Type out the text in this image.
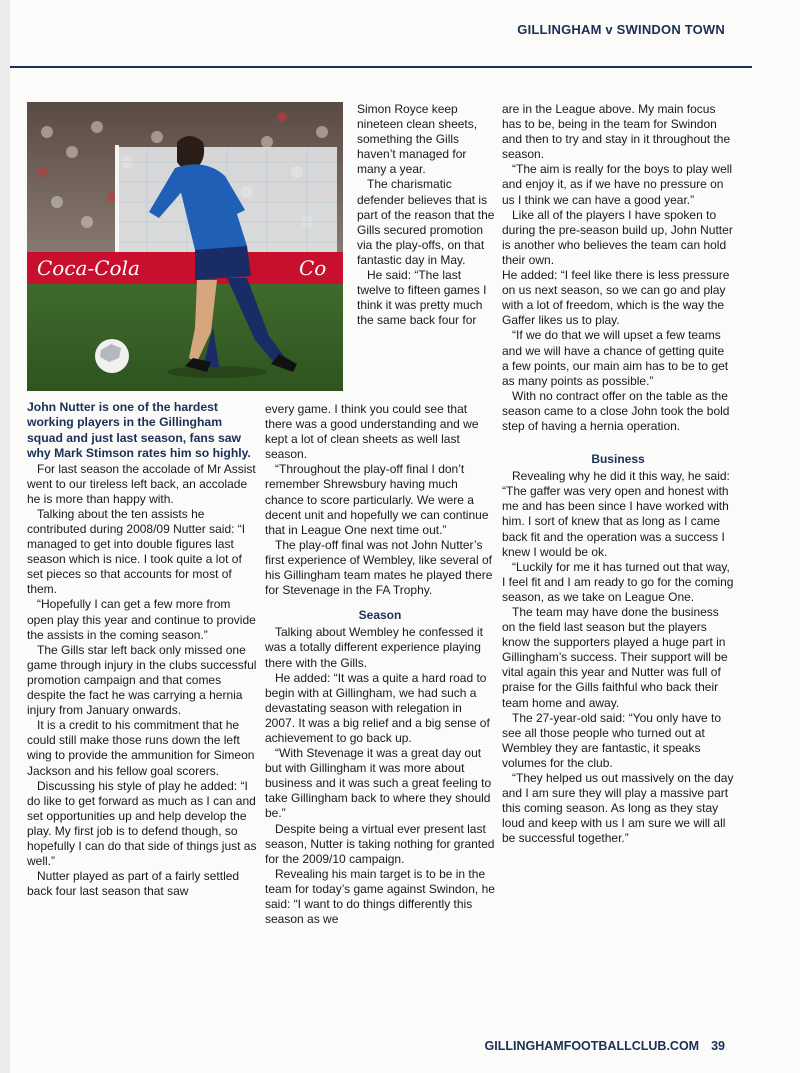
GILLINGHAM v SWINDON TOWN
Coca-Cola	Co

Simon Royce keep nineteen clean sheets, something the Gills haven’t managed for many a year.

The charismatic defender believes that is part of the reason that the Gills secured promotion via the play-offs, on that fantastic day in May.

He said: “The last twelve to fifteen games I think it was pretty much the same back four for

John Nutter is one of the hardest working players in the Gillingham squad and just last season, fans saw why Mark Stimson rates him so highly.

For last season the accolade of Mr Assist went to our tireless left back, an accolade he is more than happy with.

Talking about the ten assists he contributed during 2008/09 Nutter said: “I managed to get into double figures last season which is nice. I took quite a lot of set pieces so that accounts for most of them.

“Hopefully I can get a few more from open play this year and continue to provide the assists in the coming season.”

The Gills star left back only missed one game through injury in the clubs successful promotion campaign and that comes despite the fact he was carrying a hernia injury from January onwards.

It is a credit to his commitment that he could still make those runs down the left wing to provide the ammunition for Simeon Jackson and his fellow goal scorers.

Discussing his style of play he added: “I do like to get forward as much as I can and set opportunities up and help develop the play. My first job is to defend though, so hopefully I can do that side of things just as well.”

Nutter played as part of a fairly settled back four last season that saw

every game. I think you could see that there was a good understanding and we kept a lot of clean sheets as well last season.

“Throughout the play-off final I don’t remember Shrewsbury having much chance to score particularly. We were a decent unit and hopefully we can continue that in League One next time out.”

The play-off final was not John Nutter’s first experience of Wembley, like several of his Gillingham team mates he played there for Stevenage in the FA Trophy.

Season

Talking about Wembley he confessed it was a totally different experience playing there with the Gills.

He added: “It was a quite a hard road to begin with at Gillingham, we had such a devastating season with relegation in 2007. It was a big relief and a big sense of achievement to go back up.

“With Stevenage it was a great day out but with Gillingham it was more about business and it was such a great feeling to take Gillingham back to where they should be.”

Despite being a virtual ever present last season, Nutter is taking nothing for granted for the 2009/10 campaign.

Revealing his main target is to be in the team for today’s game against Swindon, he said: “I want to do things differently this season as we

are in the League above. My main focus has to be, being in the team for Swindon and then to try and stay in it throughout the season.

“The aim is really for the boys to play well and enjoy it, as if we have no pressure on us I think we can have a good year.”

Like all of the players I have spoken to during the pre-season build up, John Nutter is another who believes the team can hold their own.

He added: “I feel like there is less pressure on us next season, so we can go and play with a lot of freedom, which is the way the Gaffer likes us to play.

“If we do that we will upset a few teams and we will have a chance of getting quite a few points, our main aim has to be to get as many points as possible.”

With no contract offer on the table as the season came to a close John took the bold step of having a hernia operation.

Business

Revealing why he did it this way, he said: “The gaffer was very open and honest with me and has been since I have worked with him. I sort of knew that as long as I came back fit and the operation was a success I knew I would be ok.

“Luckily for me it has turned out that way, I feel fit and I am ready to go for the coming season, as we take on League One.

The team may have done the business on the field last season but the players know the supporters played a huge part in Gillingham’s success. Their support will be vital again this year and Nutter was full of praise for the Gills faithful who back their team home and away.

The 27-year-old said: “You only have to see all those people who turned out at Wembley they are fantastic, it speaks volumes for the club.

“They helped us out massively on the day and I am sure they will play a massive part this coming season. As long as they stay loud and keep with us I am sure we will all be successful together.”

GILLINGHAMFOOTBALLCLUB.COM 39
